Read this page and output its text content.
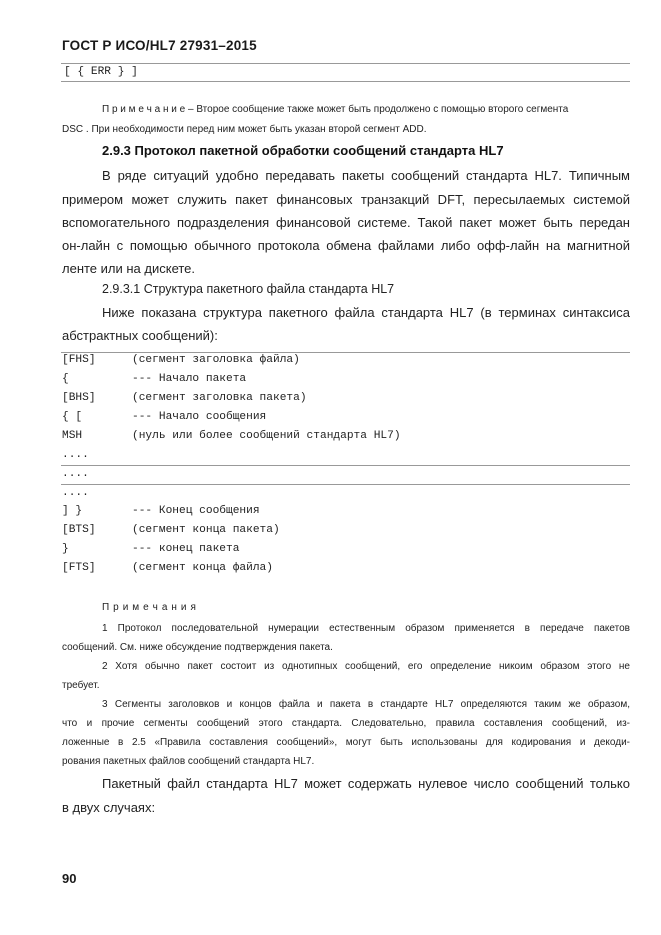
ГОСТ Р ИСО/HL7 27931–2015
[ { ERR } ]
П р и м е ч а н и е – Второе сообщение также может быть продолжено с помощью второго сегмента
DSC . При необходимости перед ним может быть указан второй сегмент ADD.
2.9.3 Протокол пакетной обработки сообщений стандарта HL7
В ряде ситуаций удобно передавать пакеты сообщений стандарта HL7. Типичным
примером может служить пакет финансовых транзакций DFT, пересылаемых системой
вспомогательного подразделения финансовой системе. Такой пакет может быть передан
он-лайн с помощью обычного протокола обмена файлами либо офф-лайн на магнитной
ленте или на дискете.
2.9.3.1 Структура пакетного файла стандарта HL7
Ниже показана структура пакетного файла стандарта HL7 (в терминах синтаксиса
абстрактных сообщений):
[FHS]	(сегмент заголовка файла)
{	--- Начало пакета
[BHS]	(сегмент заголовка пакета)
{ [	--- Начало сообщения
MSH	(нуль или более сообщений стандарта HL7)
....
....
....
] }	--- Конец сообщения
[BTS]	(сегмент конца пакета)
}	--- конец пакета
[FTS]	(сегмент конца файла)
П р и м е ч а н и я
1 Протокол последовательной нумерации естественным образом применяется в передаче пакетов
сообщений. См. ниже обсуждение подтверждения пакета.
2 Хотя обычно пакет состоит из однотипных сообщений, его определение никоим образом этого не
требует.
3 Сегменты заголовков и концов файла и пакета в стандарте HL7 определяются таким же образом,
что и прочие сегменты сообщений этого стандарта. Следовательно, правила составления сообщений, из-
ложенные в 2.5 «Правила составления сообщений», могут быть использованы для кодирования и декоди-
рования пакетных файлов сообщений стандарта HL7.
Пакетный файл стандарта HL7 может содержать нулевое число сообщений только
в двух случаях:
90
